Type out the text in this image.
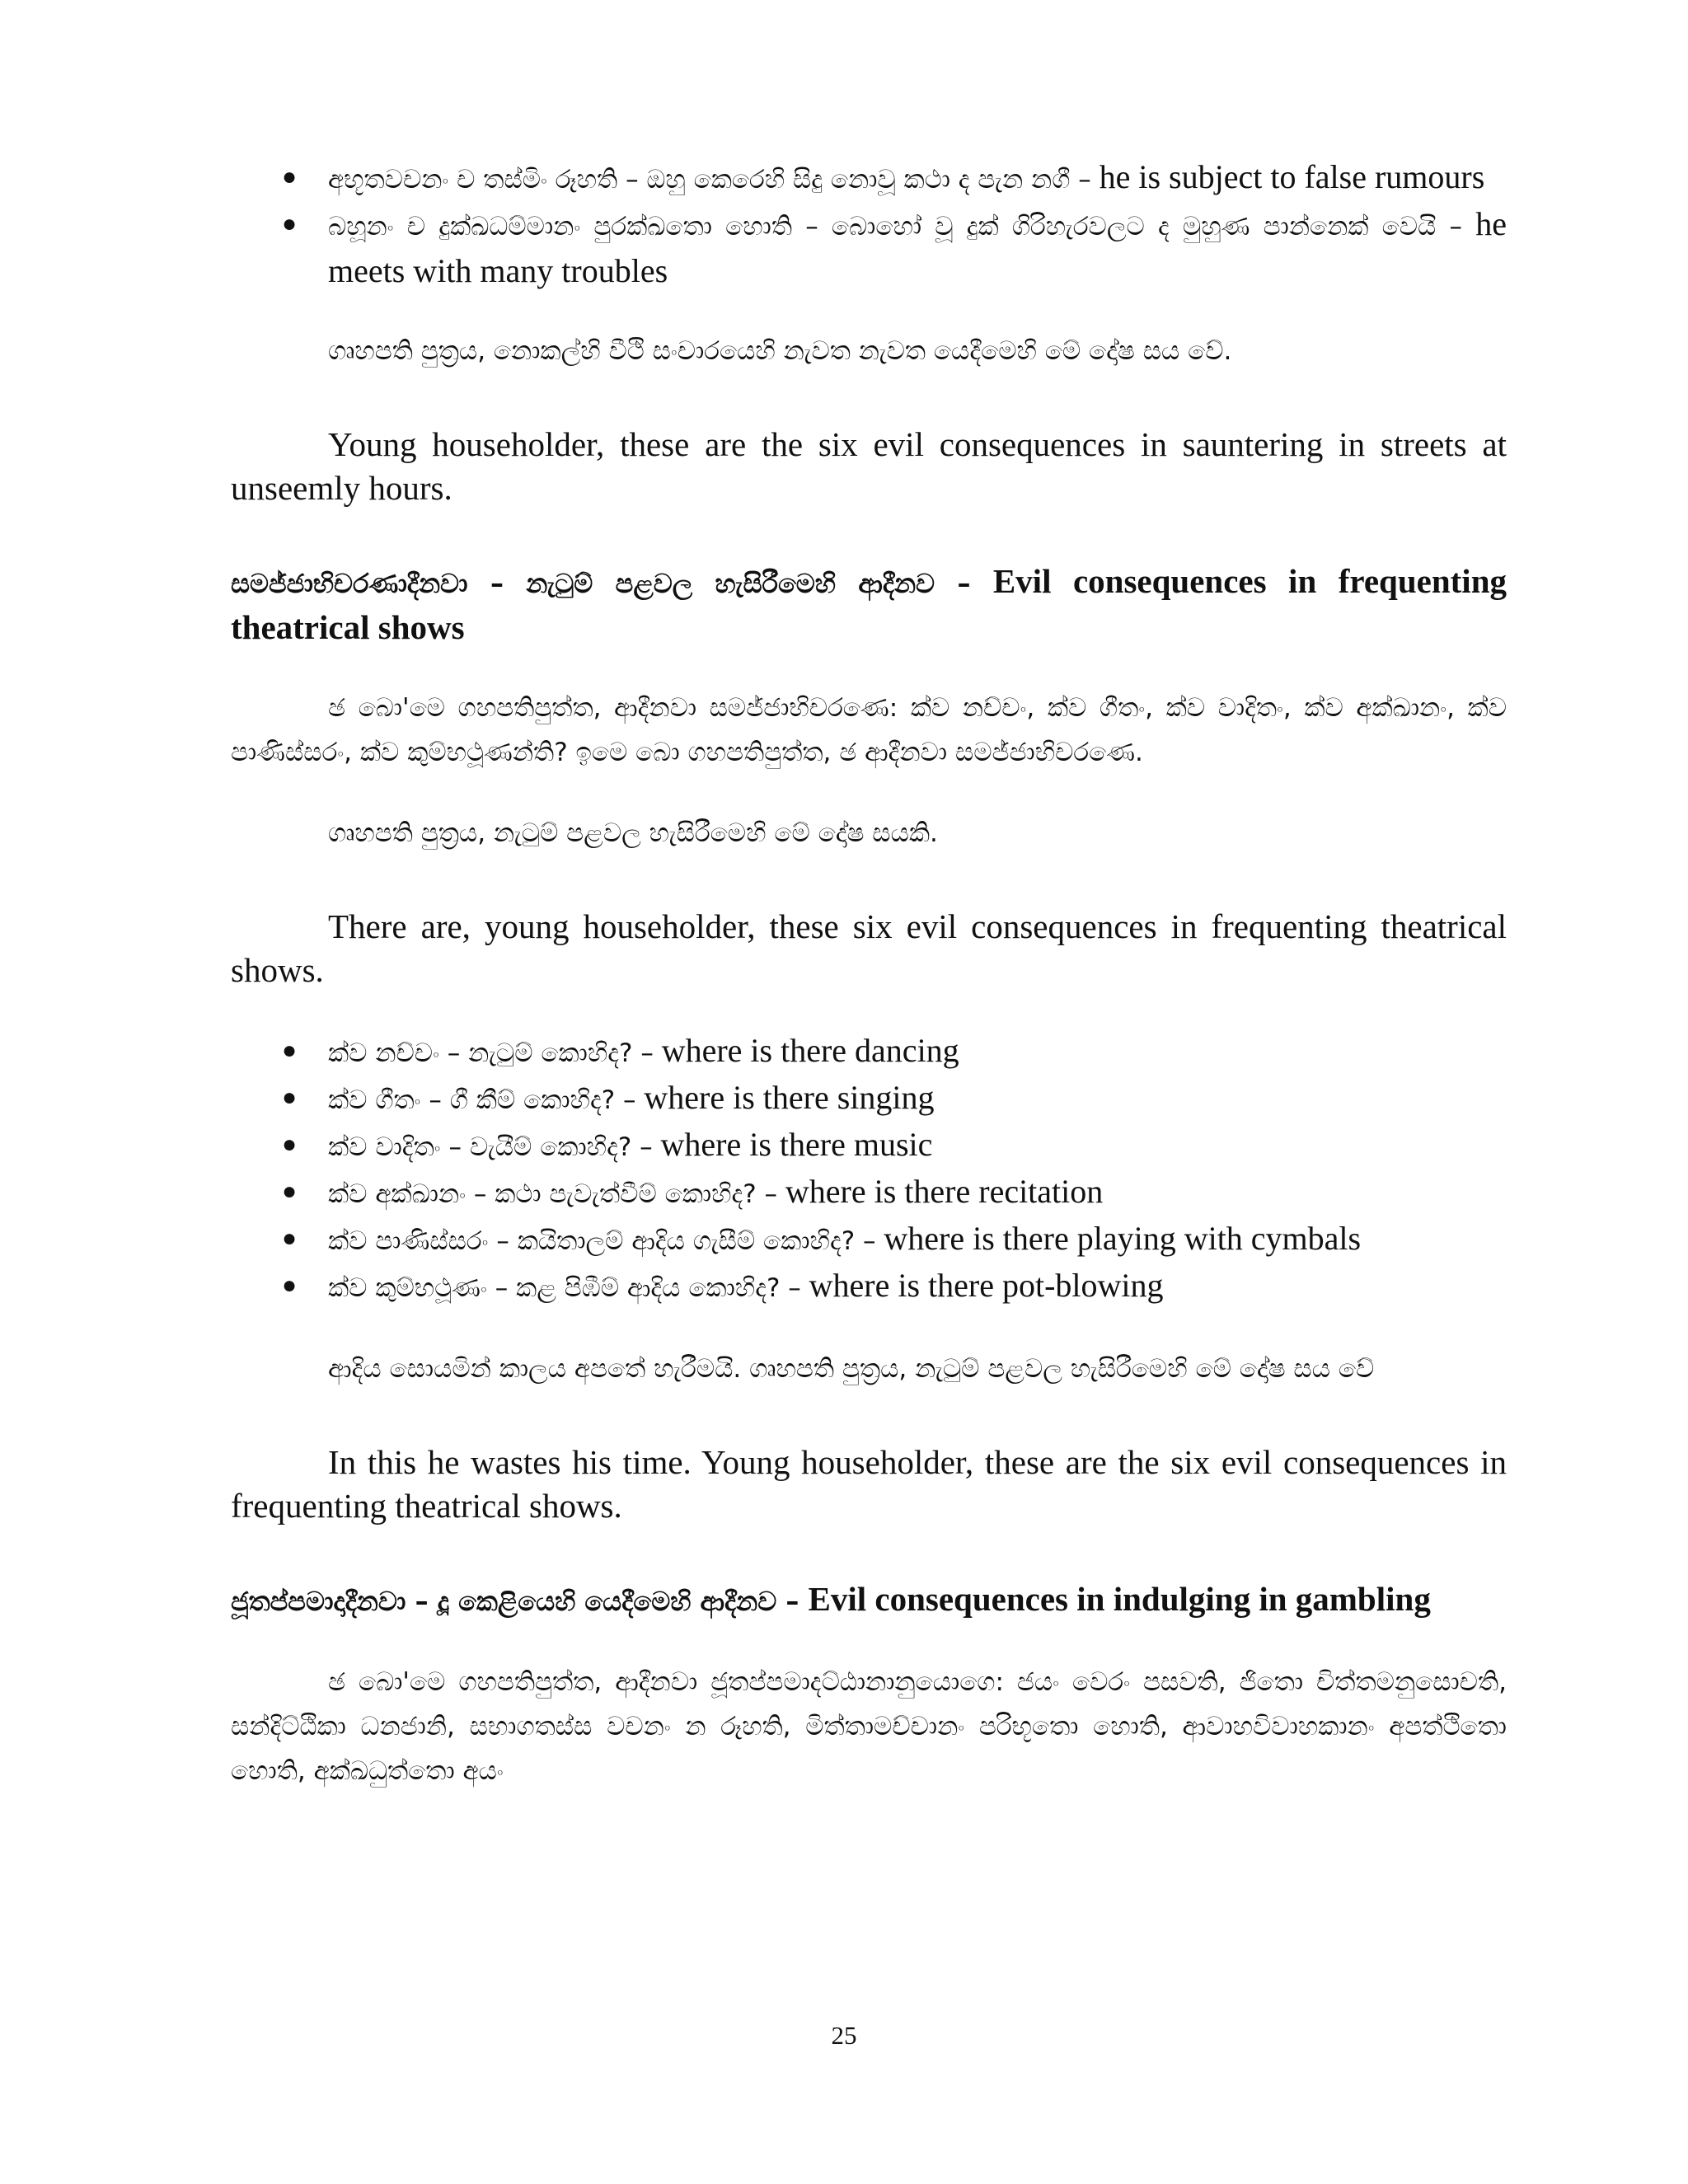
● අභූතවචනං ච තස්මිං රූහති – ඔහු කෙරෙහි සිදු නොවූ කථා ද පැන නගී – he is subject to false rumours
● බහූනං ච දුක්ඛධම්මානං පුරක්ඛතො හොති – බොහෝ වූ දුක් ගිරිහැරවලට ද මුහුණ පාන්නෙක් වෙයි – he meets with many troubles

ගෘහපති පුත්‍රය, නොකල්හි වීථි සංචාරයෙහි නැවත නැවත යෙදීමෙහි මේ දෝෂ සය වේ.

Young householder, these are the six evil consequences in sauntering in streets at unseemly hours.

සමජ්ජාභිචරණාදීනවා – නැටුම් පළවල හැසිරීමෙහි ආදීනව – Evil consequences in frequenting theatrical shows

ඡ බො'මෙ ගහපතිපුත්ත, ආදීනවා සමජ්ජාභිචරණෙ: ක්ව නච්චං, ක්ව ගීතං, ක්ව වාදිතං, ක්ව අක්ඛානං, ක්ව පාණිස්සරං, ක්ව කුම්භථූණන්ති? ඉමෙ බො ගහපතිපුත්ත, ඡ ආදීනවා සමජ්ජාභිචරණෙ.

ගෘහපති පුත්‍රය, නැටුම් පළවල හැසිරීමෙහි මේ දෝෂ සයකි.

There are, young householder, these six evil consequences in frequenting theatrical shows.

● ක්ව නච්චං – නැටුම් කොහිද? – where is there dancing
● ක්ව ගීතං – ගී කීම් කොහිද? – where is there singing
● ක්ව වාදිතං – වැයීම් කොහිද? – where is there music
● ක්ව අක්ඛානං – කථා පැවැත්වීම් කොහිද? – where is there recitation
● ක්ව පාණිස්සරං – කයිතාලම් ආදිය ගැසීම් කොහිද? – where is there playing with cymbals
● ක්ව කුම්භථූණං – කළ පිඹීම් ආදිය කොහිද? – where is there pot-blowing

ආදිය සොයමින් කාලය අපතේ හැරීමයි. ගෘහපති පුත්‍රය, නැටුම් පළවල හැසිරීමෙහි මේ දෝෂ සය වේ

In this he wastes his time. Young householder, these are the six evil consequences in frequenting theatrical shows.

ජූතප්පමාදාදීනවා – දූ කෙළියෙහි යෙදීමෙහි ආදීනව – Evil consequences in indulging in gambling

ඡ බො'මෙ ගහපතිපුත්ත, ආදීනවා ජූතප්පමාදට්ඨානානුයොගෙ: ජයං වෙරං පසවති, ජිතො චිත්තමනුසොචති, සන්දිට්ඨිකා ධනජානි, සභාගතස්ස වචනං න රූහති, මිත්තාමච්චානං පරිභූතො හොති, ආවාහවිවාහකානං අපත්ථිතො හොති, අක්ඛධුත්තො අයං

25
